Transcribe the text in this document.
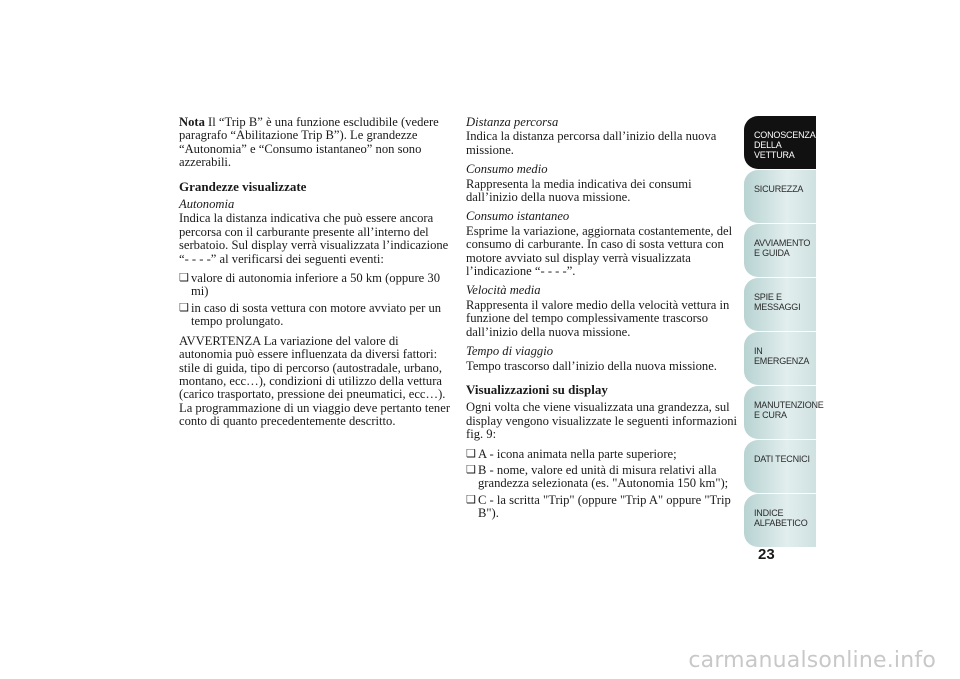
Nota Il “Trip B” è una funzione escludibile (vedere paragrafo “Abilitazione Trip B”). Le grandezze “Autonomia” e “Consumo istantaneo” non sono azzerabili.

Grandezze visualizzate
Autonomia

Indica la distanza indicativa che può essere ancora percorsa con il carburante presente all’interno del serbatoio. Sul display verrà visualizzata l’indicazione “- - - -” al verificarsi dei seguenti eventi:

❑ valore di autonomia inferiore a 50 km (oppure 30 mi)
❑ in caso di sosta vettura con motore avviato per un tempo prolungato.

AVVERTENZA La variazione del valore di autonomia può essere influenzata da diversi fattori: stile di guida, tipo di percorso (autostradale, urbano, montano, ecc…), condizioni di utilizzo della vettura (carico trasportato, pressione dei pneumatici, ecc…). La programmazione di un viaggio deve pertanto tener conto di quanto precedentemente descritto.

Distanza percorsa

Indica la distanza percorsa dall’inizio della nuova missione.

Consumo medio

Rappresenta la media indicativa dei consumi dall’inizio della nuova missione.

Consumo istantaneo

Esprime la variazione, aggiornata costantemente, del consumo di carburante. In caso di sosta vettura con motore avviato sul display verrà visualizzata l’indicazione “- - - -”.

Velocità media

Rappresenta il valore medio della velocità vettura in funzione del tempo complessivamente trascorso dall’inizio della nuova missione.

Tempo di viaggio

Tempo trascorso dall’inizio della nuova missione.

Visualizzazioni su display

Ogni volta che viene visualizzata una grandezza, sul display vengono visualizzate le seguenti informazioni fig. 9:

❑ A - icona animata nella parte superiore;
❑ B - nome, valore ed unità di misura relativi alla grandezza selezionata (es. "Autonomia 150 km");
❑ C - la scritta "Trip" (oppure "Trip A" oppure "Trip B").
CONOSCENZA DELLA VETTURA
SICUREZZA
AVVIAMENTO E GUIDA
SPIE E MESSAGGI
IN EMERGENZA
MANUTENZIONE E CURA
DATI TECNICI
INDICE ALFABETICO
23
carmanualsonline.info
